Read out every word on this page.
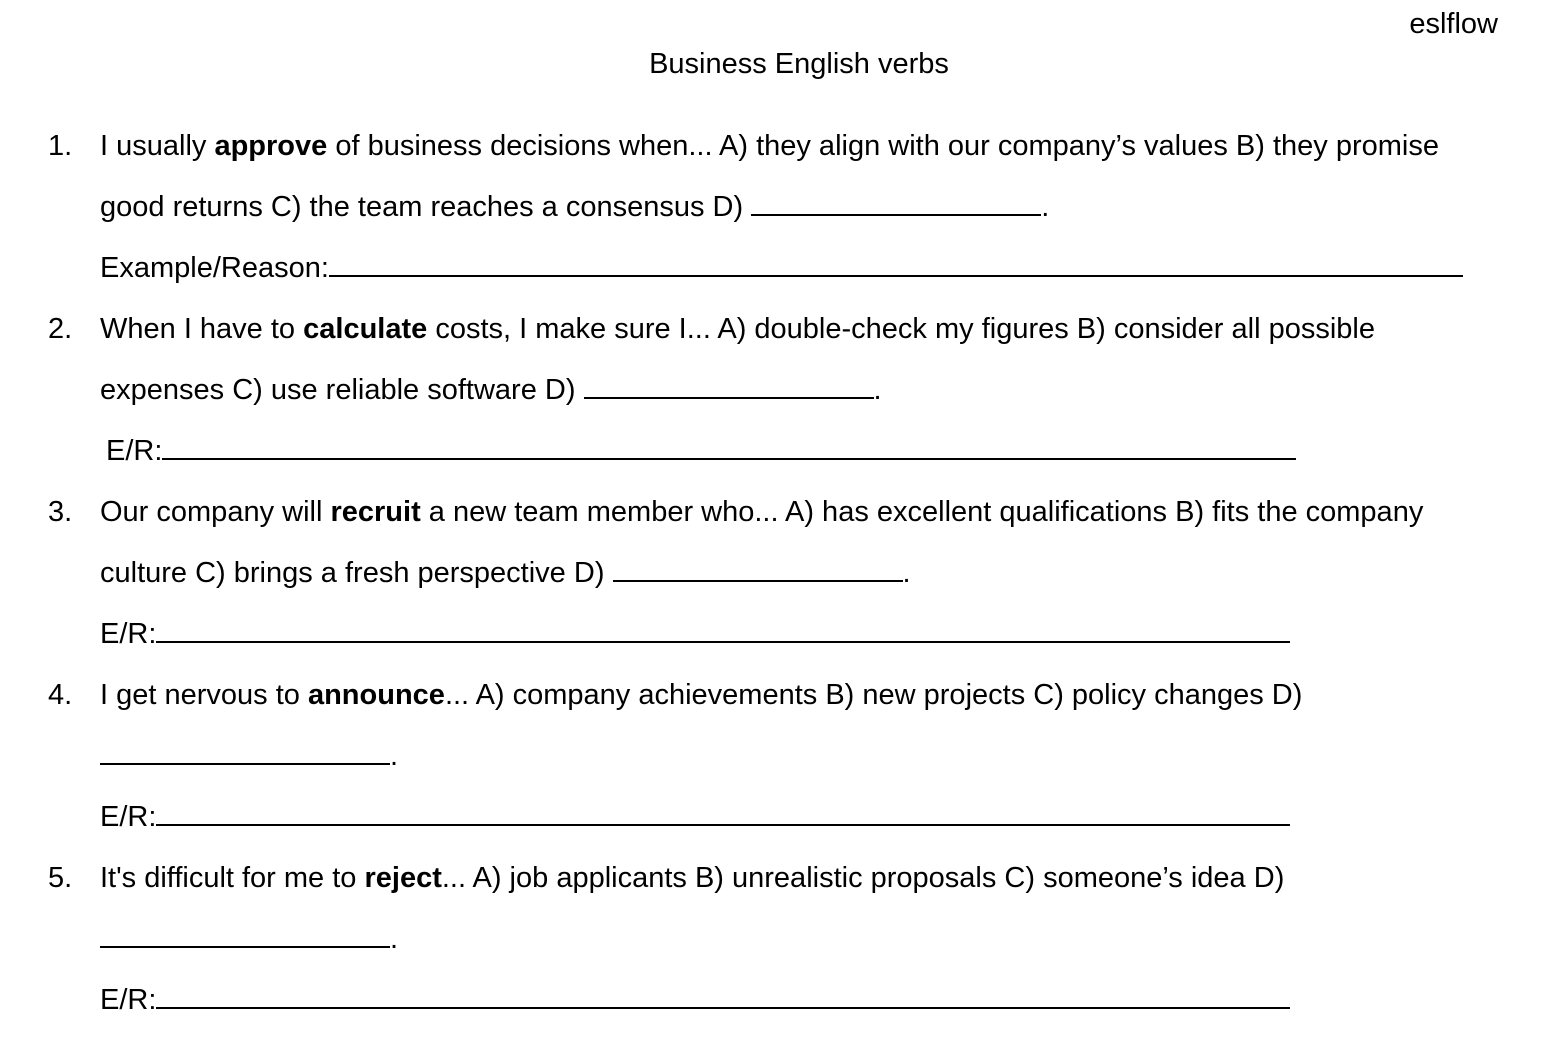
eslflow
Business English verbs
1. I usually approve of business decisions when... A) they align with our company’s values B) they promise good returns C) the team reaches a consensus D)	.
Example/Reason:
2. When I have to calculate costs, I make sure I... A) double-check my figures B) consider all possible expenses C) use reliable software D)	.
E/R:
3. Our company will recruit a new team member who... A) has excellent qualifications B) fits the company culture C) brings a fresh perspective D)	.
E/R:
4. I get nervous to announce... A) company achievements B) new projects C) policy changes D)
.
E/R:
5. It's difficult for me to reject... A) job applicants B) unrealistic proposals C) someone’s idea D) .
E/R:
